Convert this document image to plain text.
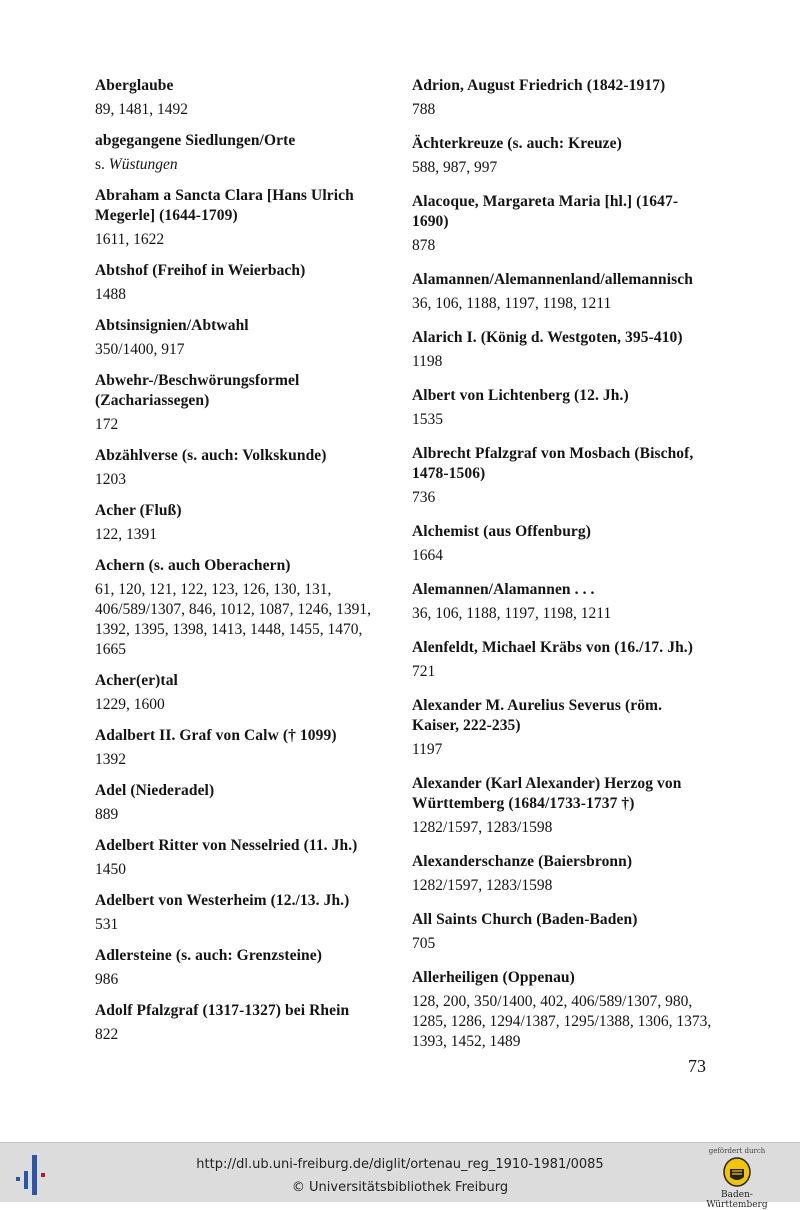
Aberglaube
89, 1481, 1492
abgegangene Siedlungen/Orte
s. Wüstungen
Abraham a Sancta Clara [Hans Ulrich Megerle] (1644-1709)
1611, 1622
Abtshof (Freihof in Weierbach)
1488
Abtsinsignien/Abtwahl
350/1400, 917
Abwehr-/Beschwörungsformel (Zachariassegen)
172
Abzählverse (s. auch: Volkskunde)
1203
Acher (Fluß)
122, 1391
Achern (s. auch Oberachern)
61, 120, 121, 122, 123, 126, 130, 131, 406/589/1307, 846, 1012, 1087, 1246, 1391, 1392, 1395, 1398, 1413, 1448, 1455, 1470, 1665
Acher(er)tal
1229, 1600
Adalbert II. Graf von Calw († 1099)
1392
Adel (Niederadel)
889
Adelbert Ritter von Nesselried (11. Jh.)
1450
Adelbert von Westerheim (12./13. Jh.)
531
Adlersteine (s. auch: Grenzsteine)
986
Adolf Pfalzgraf (1317-1327) bei Rhein
822
Adrion, August Friedrich (1842-1917)
788
Ächterkreuze (s. auch: Kreuze)
588, 987, 997
Alacoque, Margareta Maria [hl.] (1647-1690)
878
Alamannen/Alemannenland/allemannisch
36, 106, 1188, 1197, 1198, 1211
Alarich I. (König d. Westgoten, 395-410)
1198
Albert von Lichtenberg (12. Jh.)
1535
Albrecht Pfalzgraf von Mosbach (Bischof, 1478-1506)
736
Alchemist (aus Offenburg)
1664
Alemannen/Alamannen . . .
36, 106, 1188, 1197, 1198, 1211
Alenfeldt, Michael Kräbs von (16./17. Jh.)
721
Alexander M. Aurelius Severus (röm. Kaiser, 222-235)
1197
Alexander (Karl Alexander) Herzog von Württemberg (1684/1733-1737 †)
1282/1597, 1283/1598
Alexanderschanze (Baiersbronn)
1282/1597, 1283/1598
All Saints Church (Baden-Baden)
705
Allerheiligen (Oppenau)
128, 200, 350/1400, 402, 406/589/1307, 980, 1285, 1286, 1294/1387, 1295/1388, 1306, 1373, 1393, 1452, 1489
73
http://dl.ub.uni-freiburg.de/diglit/ortenau_reg_1910-1981/0085
© Universitätsbibliothek Freiburg
gefördert durch
Baden-Württemberg
